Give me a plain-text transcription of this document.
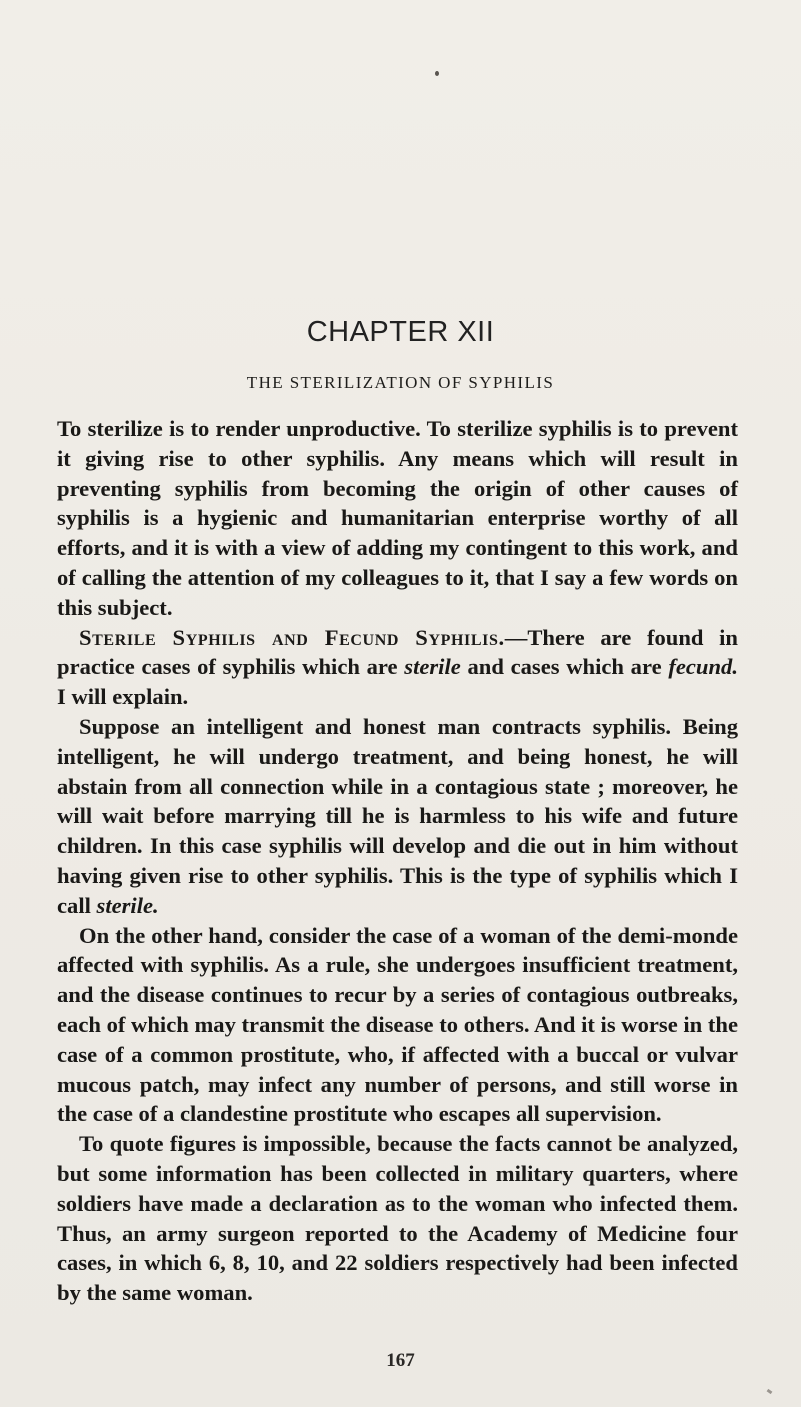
CHAPTER XII
THE STERILIZATION OF SYPHILIS

To sterilize is to render unproductive. To sterilize syphilis is to prevent it giving rise to other syphilis. Any means which will result in preventing syphilis from becoming the origin of other causes of syphilis is a hygienic and humanitarian enterprise worthy of all efforts, and it is with a view of adding my contingent to this work, and of calling the attention of my colleagues to it, that I say a few words on this subject.

Sterile Syphilis and Fecund Syphilis.—There are found in practice cases of syphilis which are sterile and cases which are fecund. I will explain.

Suppose an intelligent and honest man contracts syphilis. Being intelligent, he will undergo treatment, and being honest, he will abstain from all connection while in a contagious state ; moreover, he will wait before marrying till he is harmless to his wife and future children. In this case syphilis will develop and die out in him without having given rise to other syphilis. This is the type of syphilis which I call sterile.

On the other hand, consider the case of a woman of the demi-monde affected with syphilis. As a rule, she undergoes insufficient treatment, and the disease continues to recur by a series of contagious outbreaks, each of which may transmit the disease to others. And it is worse in the case of a common prostitute, who, if affected with a buccal or vulvar mucous patch, may infect any number of persons, and still worse in the case of a clandestine prostitute who escapes all supervision.

To quote figures is impossible, because the facts cannot be analyzed, but some information has been collected in military quarters, where soldiers have made a declaration as to the woman who infected them. Thus, an army surgeon reported to the Academy of Medicine four cases, in which 6, 8, 10, and 22 soldiers respectively had been infected by the same woman.

167
